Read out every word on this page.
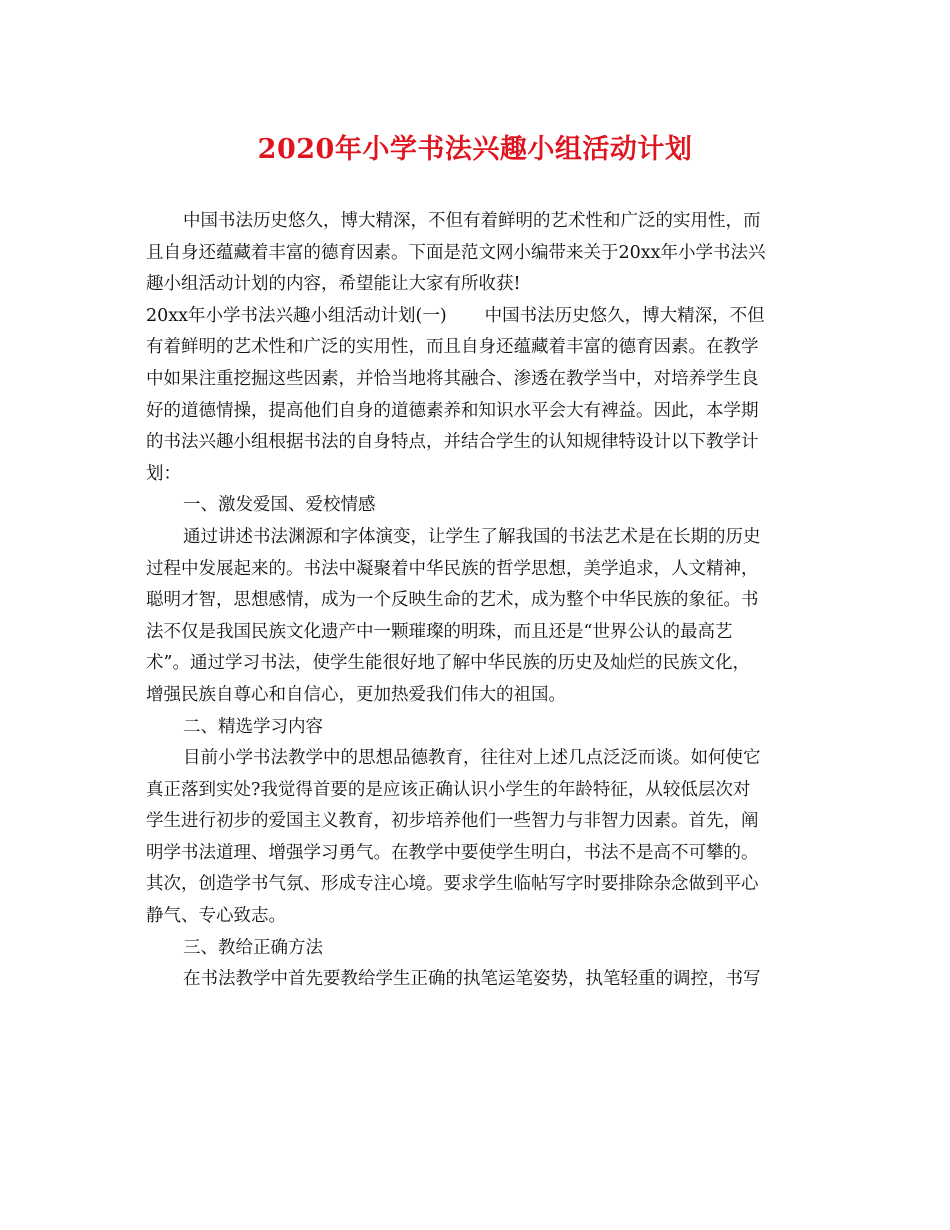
2020年小学书法兴趣小组活动计划
中国书法历史悠久，博大精深，不但有着鲜明的艺术性和广泛的实用性，而
且自身还蕴藏着丰富的德育因素。下面是范文网小编带来关于20xx年小学书法兴
趣小组活动计划的内容，希望能让大家有所收获!
20xx年小学书法兴趣小组活动计划(一) 中国书法历史悠久，博大精深，不但
有着鲜明的艺术性和广泛的实用性，而且自身还蕴藏着丰富的德育因素。在教学
中如果注重挖掘这些因素，并恰当地将其融合、渗透在教学当中，对培养学生良
好的道德情操，提高他们自身的道德素养和知识水平会大有裨益。因此，本学期
的书法兴趣小组根据书法的自身特点，并结合学生的认知规律特设计以下教学计
划：
一、激发爱国、爱校情感
通过讲述书法渊源和字体演变，让学生了解我国的书法艺术是在长期的历史
过程中发展起来的。书法中凝聚着中华民族的哲学思想，美学追求，人文精神，
聪明才智，思想感情，成为一个反映生命的艺术，成为整个中华民族的象征。书
法不仅是我国民族文化遗产中一颗璀璨的明珠，而且还是“世界公认的最高艺
术”。通过学习书法，使学生能很好地了解中华民族的历史及灿烂的民族文化，
增强民族自尊心和自信心，更加热爱我们伟大的祖国。
二、精选学习内容
目前小学书法教学中的思想品德教育，往往对上述几点泛泛而谈。如何使它
真正落到实处?我觉得首要的是应该正确认识小学生的年龄特征，从较低层次对
学生进行初步的爱国主义教育，初步培养他们一些智力与非智力因素。首先，阐
明学书法道理、增强学习勇气。在教学中要使学生明白，书法不是高不可攀的。
其次，创造学书气氛、形成专注心境。要求学生临帖写字时要排除杂念做到平心
静气、专心致志。
三、教给正确方法
在书法教学中首先要教给学生正确的执笔运笔姿势，执笔轻重的调控，书写
